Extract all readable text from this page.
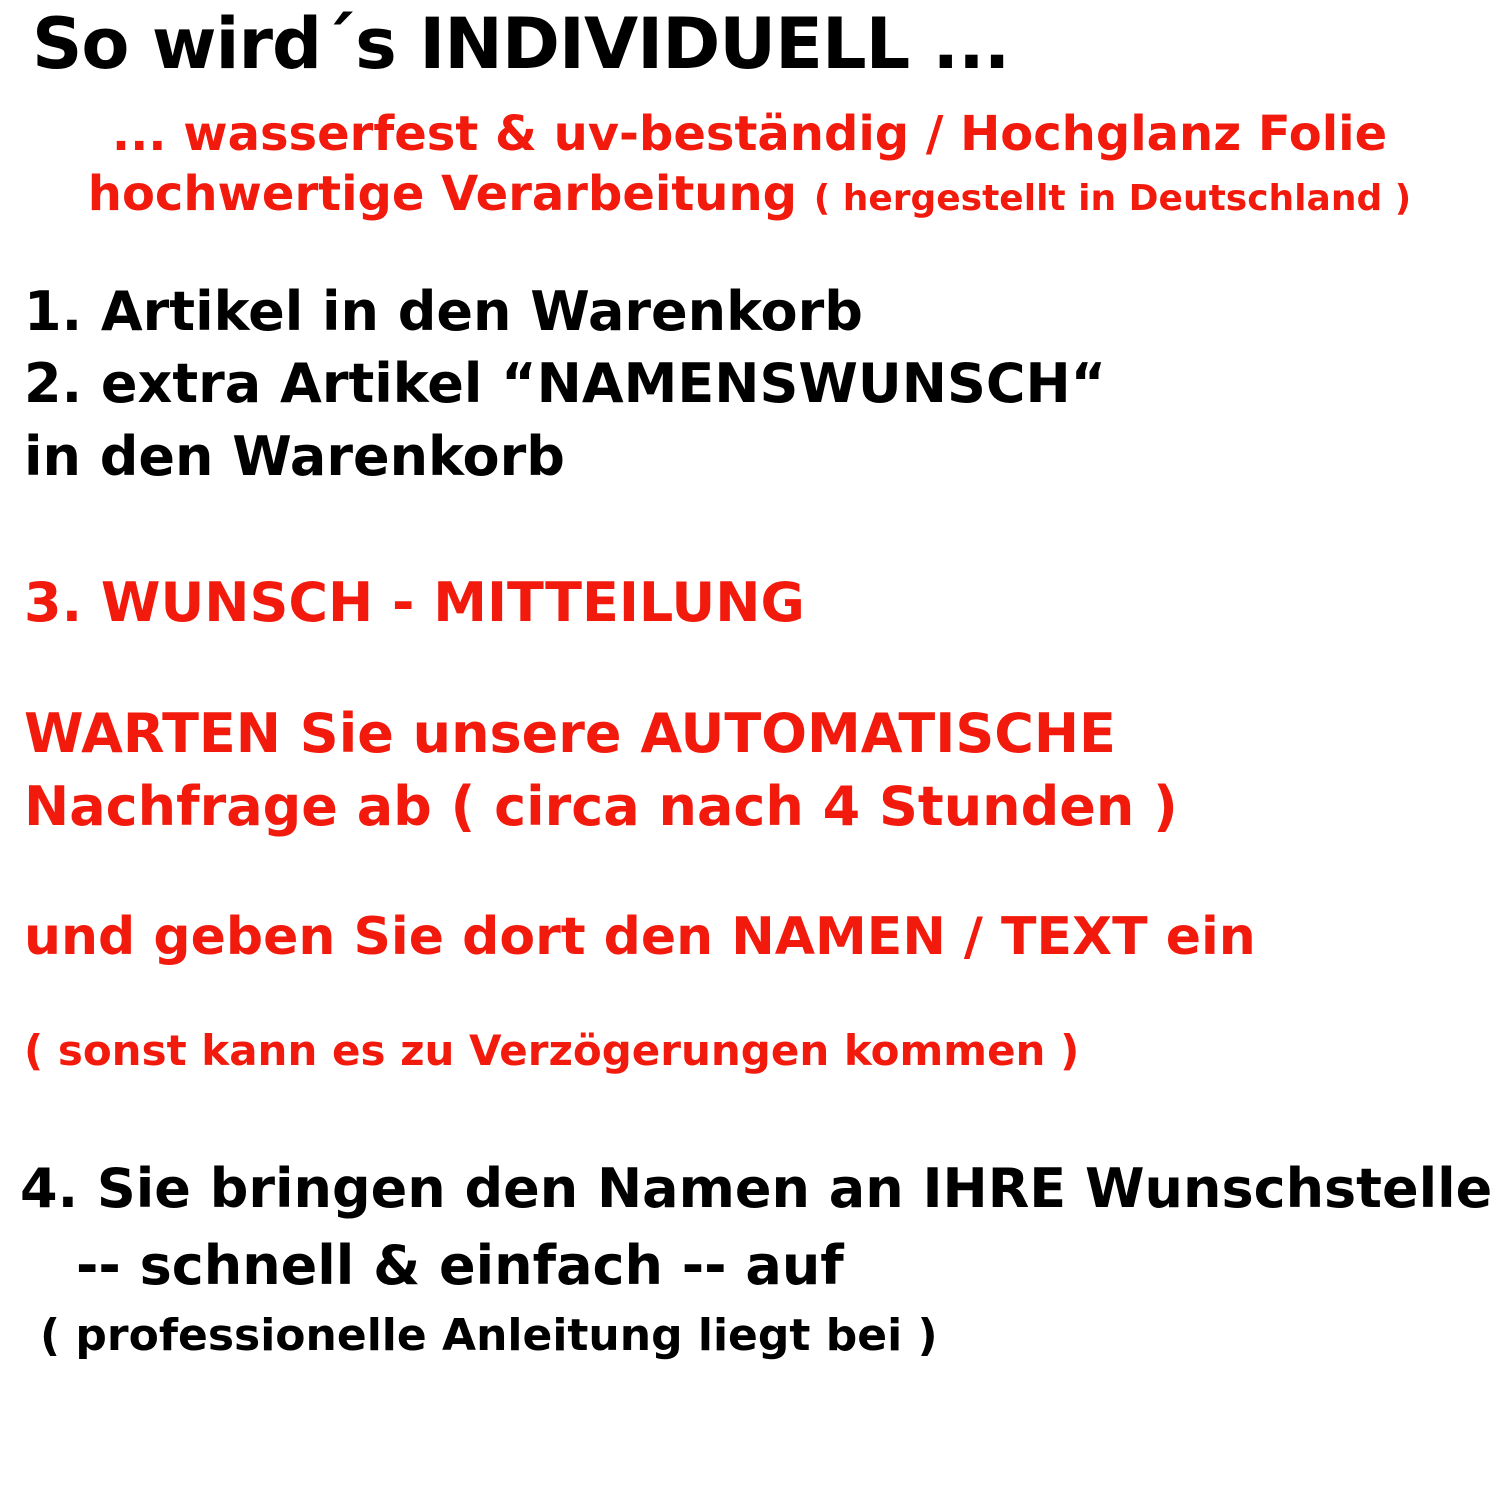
So wird´s INDIVIDUELL ...
... wasserfest & uv-beständig / Hochglanz Folie
hochwertige Verarbeitung ( hergestellt in Deutschland )
1. Artikel in den Warenkorb
2. extra Artikel “NAMENSWUNSCH“
in den Warenkorb
3. WUNSCH - MITTEILUNG
WARTEN Sie unsere AUTOMATISCHE
Nachfrage ab ( circa nach 4 Stunden )
und geben Sie dort den NAMEN / TEXT ein
( sonst kann es zu Verzögerungen kommen )
4. Sie bringen den Namen an IHRE Wunschstelle
-- schnell & einfach -- auf
( professionelle Anleitung liegt bei )
